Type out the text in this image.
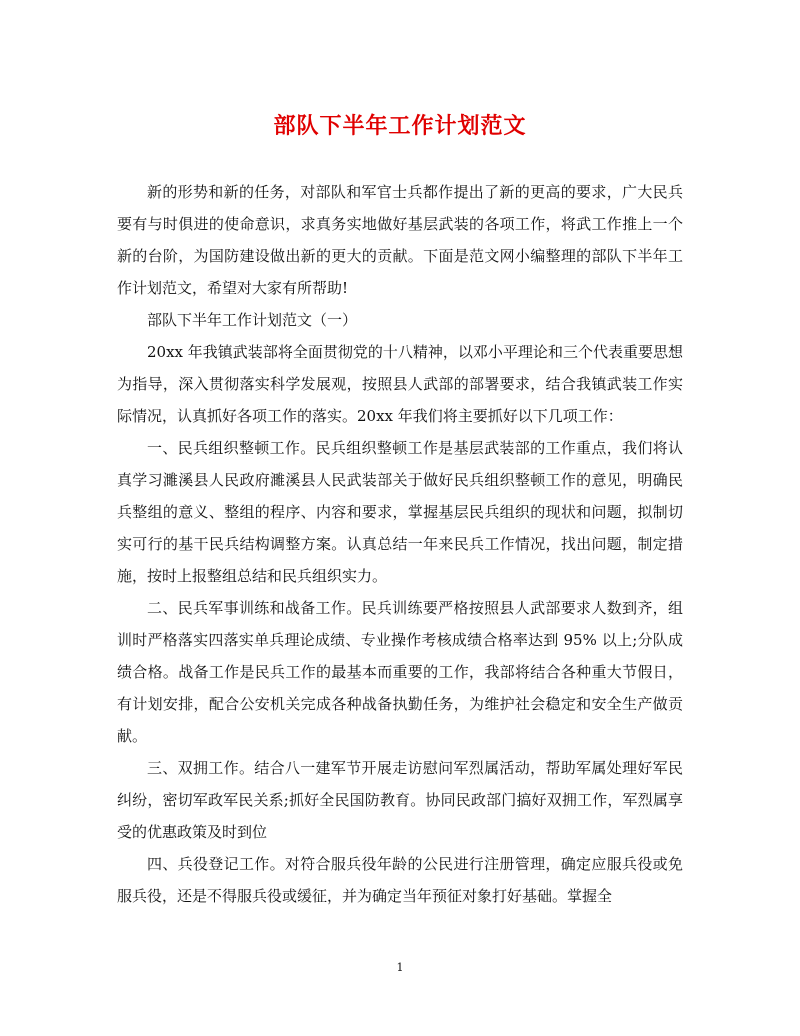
部队下半年工作计划范文

新的形势和新的任务，对部队和军官士兵都作提出了新的更高的要求，广大民兵要有与时俱进的使命意识，求真务实地做好基层武装的各项工作，将武工作推上一个新的台阶，为国防建设做出新的更大的贡献。下面是范文网小编整理的部队下半年工作计划范文，希望对大家有所帮助!

部队下半年工作计划范文（一）

20xx 年我镇武装部将全面贯彻党的十八精神，以邓小平理论和三个代表重要思想为指导，深入贯彻落实科学发展观，按照县人武部的部署要求，结合我镇武装工作实际情况，认真抓好各项工作的落实。20xx 年我们将主要抓好以下几项工作：

一、民兵组织整顿工作。民兵组织整顿工作是基层武装部的工作重点，我们将认真学习濉溪县人民政府濉溪县人民武装部关于做好民兵组织整顿工作的意见，明确民兵整组的意义、整组的程序、内容和要求，掌握基层民兵组织的现状和问题，拟制切实可行的基干民兵结构调整方案。认真总结一年来民兵工作情况，找出问题，制定措施，按时上报整组总结和民兵组织实力。

二、民兵军事训练和战备工作。民兵训练要严格按照县人武部要求人数到齐，组训时严格落实四落实单兵理论成绩、专业操作考核成绩合格率达到 95% 以上;分队成绩合格。战备工作是民兵工作的最基本而重要的工作，我部将结合各种重大节假日，有计划安排，配合公安机关完成各种战备执勤任务，为维护社会稳定和安全生产做贡献。

三、双拥工作。结合八一建军节开展走访慰问军烈属活动，帮助军属处理好军民纠纷，密切军政军民关系;抓好全民国防教育。协同民政部门搞好双拥工作，军烈属享受的优惠政策及时到位

四、兵役登记工作。对符合服兵役年龄的公民进行注册管理，确定应服兵役或免服兵役，还是不得服兵役或缓征，并为确定当年预征对象打好基础。掌握全

1
